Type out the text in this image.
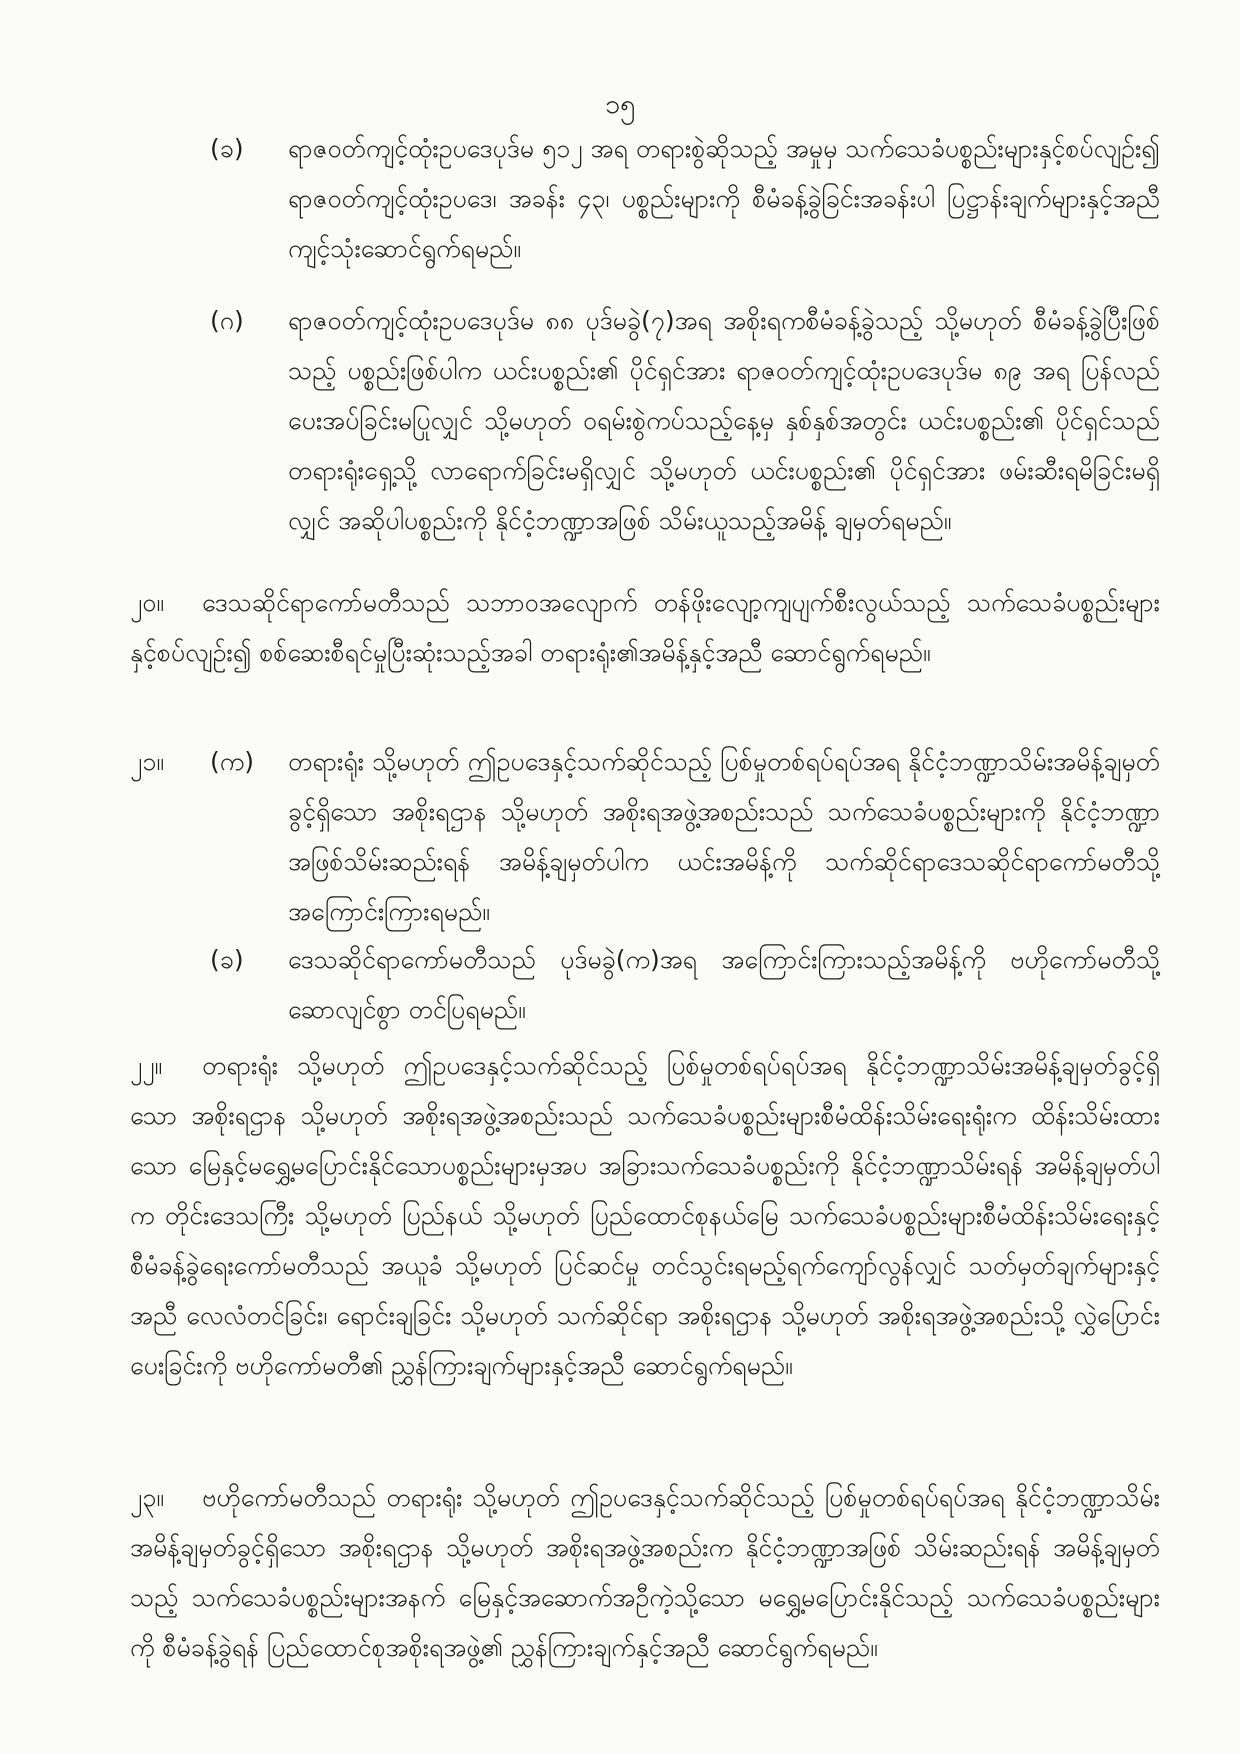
၁၅
(ခ) ရာဇဝတ်ကျင့်ထုံးဥပဒေပုဒ်မ ၅၁၂ အရ တရားစွဲဆိုသည့် အမှုမှ သက်သေခံပစ္စည်းများနှင့်စပ်လျဉ်း၍ ရာဇဝတ်ကျင့်ထုံးဥပဒေ၊ အခန်း ၄၃၊ ပစ္စည်းများကို စီမံခန့်ခွဲခြင်းအခန်းပါ ပြဋ္ဌာန်းချက်များနှင့်အညီ ကျင့်သုံးဆောင်ရွက်ရမည်။
(ဂ) ရာဇဝတ်ကျင့်ထုံးဥပဒေပုဒ်မ ၈၈ ပုဒ်မခွဲ(၇)အရ အစိုးရကစီမံခန့်ခွဲသည့် သို့မဟုတ် စီမံခန့်ခွဲပြီးဖြစ်သည့် ပစ္စည်းဖြစ်ပါက ယင်းပစ္စည်း၏ ပိုင်ရှင်အား ရာဇဝတ်ကျင့်ထုံးဥပဒေပုဒ်မ ၈၉ အရ ပြန်လည်ပေးအပ်ခြင်းမပြုလျှင် သို့မဟုတ် ဝရမ်းစွဲကပ်သည့်နေ့မှ နှစ်နှစ်အတွင်း ယင်းပစ္စည်း၏ ပိုင်ရှင်သည် တရားရုံးရှေ့သို့ လာရောက်ခြင်းမရှိလျှင် သို့မဟုတ် ယင်းပစ္စည်း၏ ပိုင်ရှင်အား ဖမ်းဆီးရမိခြင်းမရှိလျှင် အဆိုပါပစ္စည်းကို နိုင်ငံ့ဘဏ္ဍာအဖြစ် သိမ်းယူသည့်အမိန့် ချမှတ်ရမည်။
၂၀။	ဒေသဆိုင်ရာကော်မတီသည် သဘာဝအလျောက် တန်ဖိုးလျော့ကျပျက်စီးလွယ်သည့် သက်သေခံပစ္စည်းများနှင့်စပ်လျဉ်း၍ စစ်ဆေးစီရင်မှုပြီးဆုံးသည့်အခါ တရားရုံး၏အမိန့်နှင့်အညီ ဆောင်ရွက်ရမည်။
၂၁။ (က) တရားရုံး သို့မဟုတ် ဤဥပဒေနှင့်သက်ဆိုင်သည့် ပြစ်မှုတစ်ရပ်ရပ်အရ နိုင်ငံ့ဘဏ္ဍာသိမ်းအမိန့်ချမှတ်ခွင့်ရှိသော အစိုးရဌာန သို့မဟုတ် အစိုးရအဖွဲ့အစည်းသည် သက်သေခံပစ္စည်းများကို နိုင်ငံ့ဘဏ္ဍာအဖြစ်သိမ်းဆည်းရန် အမိန့်ချမှတ်ပါက ယင်းအမိန့်ကို သက်ဆိုင်ရာဒေသဆိုင်ရာကော်မတီသို့ အကြောင်းကြားရမည်။
(ခ) ဒေသဆိုင်ရာကော်မတီသည် ပုဒ်မခွဲ(က)အရ အကြောင်းကြားသည့်အမိန့်ကို ဗဟိုကော်မတီသို့ ဆောလျင်စွာ တင်ပြရမည်။
၂၂။	တရားရုံး သို့မဟုတ် ဤဥပဒေနှင့်သက်ဆိုင်သည့် ပြစ်မှုတစ်ရပ်ရပ်အရ နိုင်ငံ့ဘဏ္ဍာသိမ်းအမိန့်ချမှတ်ခွင့်ရှိသော အစိုးရဌာန သို့မဟုတ် အစိုးရအဖွဲ့အစည်းသည် သက်သေခံပစ္စည်းများစီမံထိန်းသိမ်းရေးရုံးက ထိန်းသိမ်းထားသော မြေနှင့်မရွှေ့မပြောင်းနိုင်သောပစ္စည်းများမှအပ အခြားသက်သေခံပစ္စည်းကို နိုင်ငံ့ဘဏ္ဍာသိမ်းရန် အမိန့်ချမှတ်ပါက တိုင်းဒေသကြီး သို့မဟုတ် ပြည်နယ် သို့မဟုတ် ပြည်ထောင်စုနယ်မြေ သက်သေခံပစ္စည်းများစီမံထိန်းသိမ်းရေးနှင့် စီမံခန့်ခွဲရေးကော်မတီသည် အယူခံ သို့မဟုတ် ပြင်ဆင်မှု တင်သွင်းရမည့်ရက်ကျော်လွန်လျှင် သတ်မှတ်ချက်များနှင့်အညီ လေလံတင်ခြင်း၊ ရောင်းချခြင်း သို့မဟုတ် သက်ဆိုင်ရာ အစိုးရဌာန သို့မဟုတ် အစိုးရအဖွဲ့အစည်းသို့ လွှဲပြောင်းပေးခြင်းကို ဗဟိုကော်မတီ၏ ညွှန်ကြားချက်များနှင့်အညီ ဆောင်ရွက်ရမည်။
၂၃။	ဗဟိုကော်မတီသည် တရားရုံး သို့မဟုတ် ဤဥပဒေနှင့်သက်ဆိုင်သည့် ပြစ်မှုတစ်ရပ်ရပ်အရ နိုင်ငံ့ဘဏ္ဍာသိမ်းအမိန့်ချမှတ်ခွင့်ရှိသော အစိုးရဌာန သို့မဟုတ် အစိုးရအဖွဲ့အစည်းက နိုင်ငံ့ဘဏ္ဍာအဖြစ် သိမ်းဆည်းရန် အမိန့်ချမှတ်သည့် သက်သေခံပစ္စည်းများအနက် မြေနှင့်အဆောက်အဦကဲ့သို့သော မရွှေ့မပြောင်းနိုင်သည့် သက်သေခံပစ္စည်းများကို စီမံခန့်ခွဲရန် ပြည်ထောင်စုအစိုးရအဖွဲ့၏ ညွှန်ကြားချက်နှင့်အညီ ဆောင်ရွက်ရမည်။
